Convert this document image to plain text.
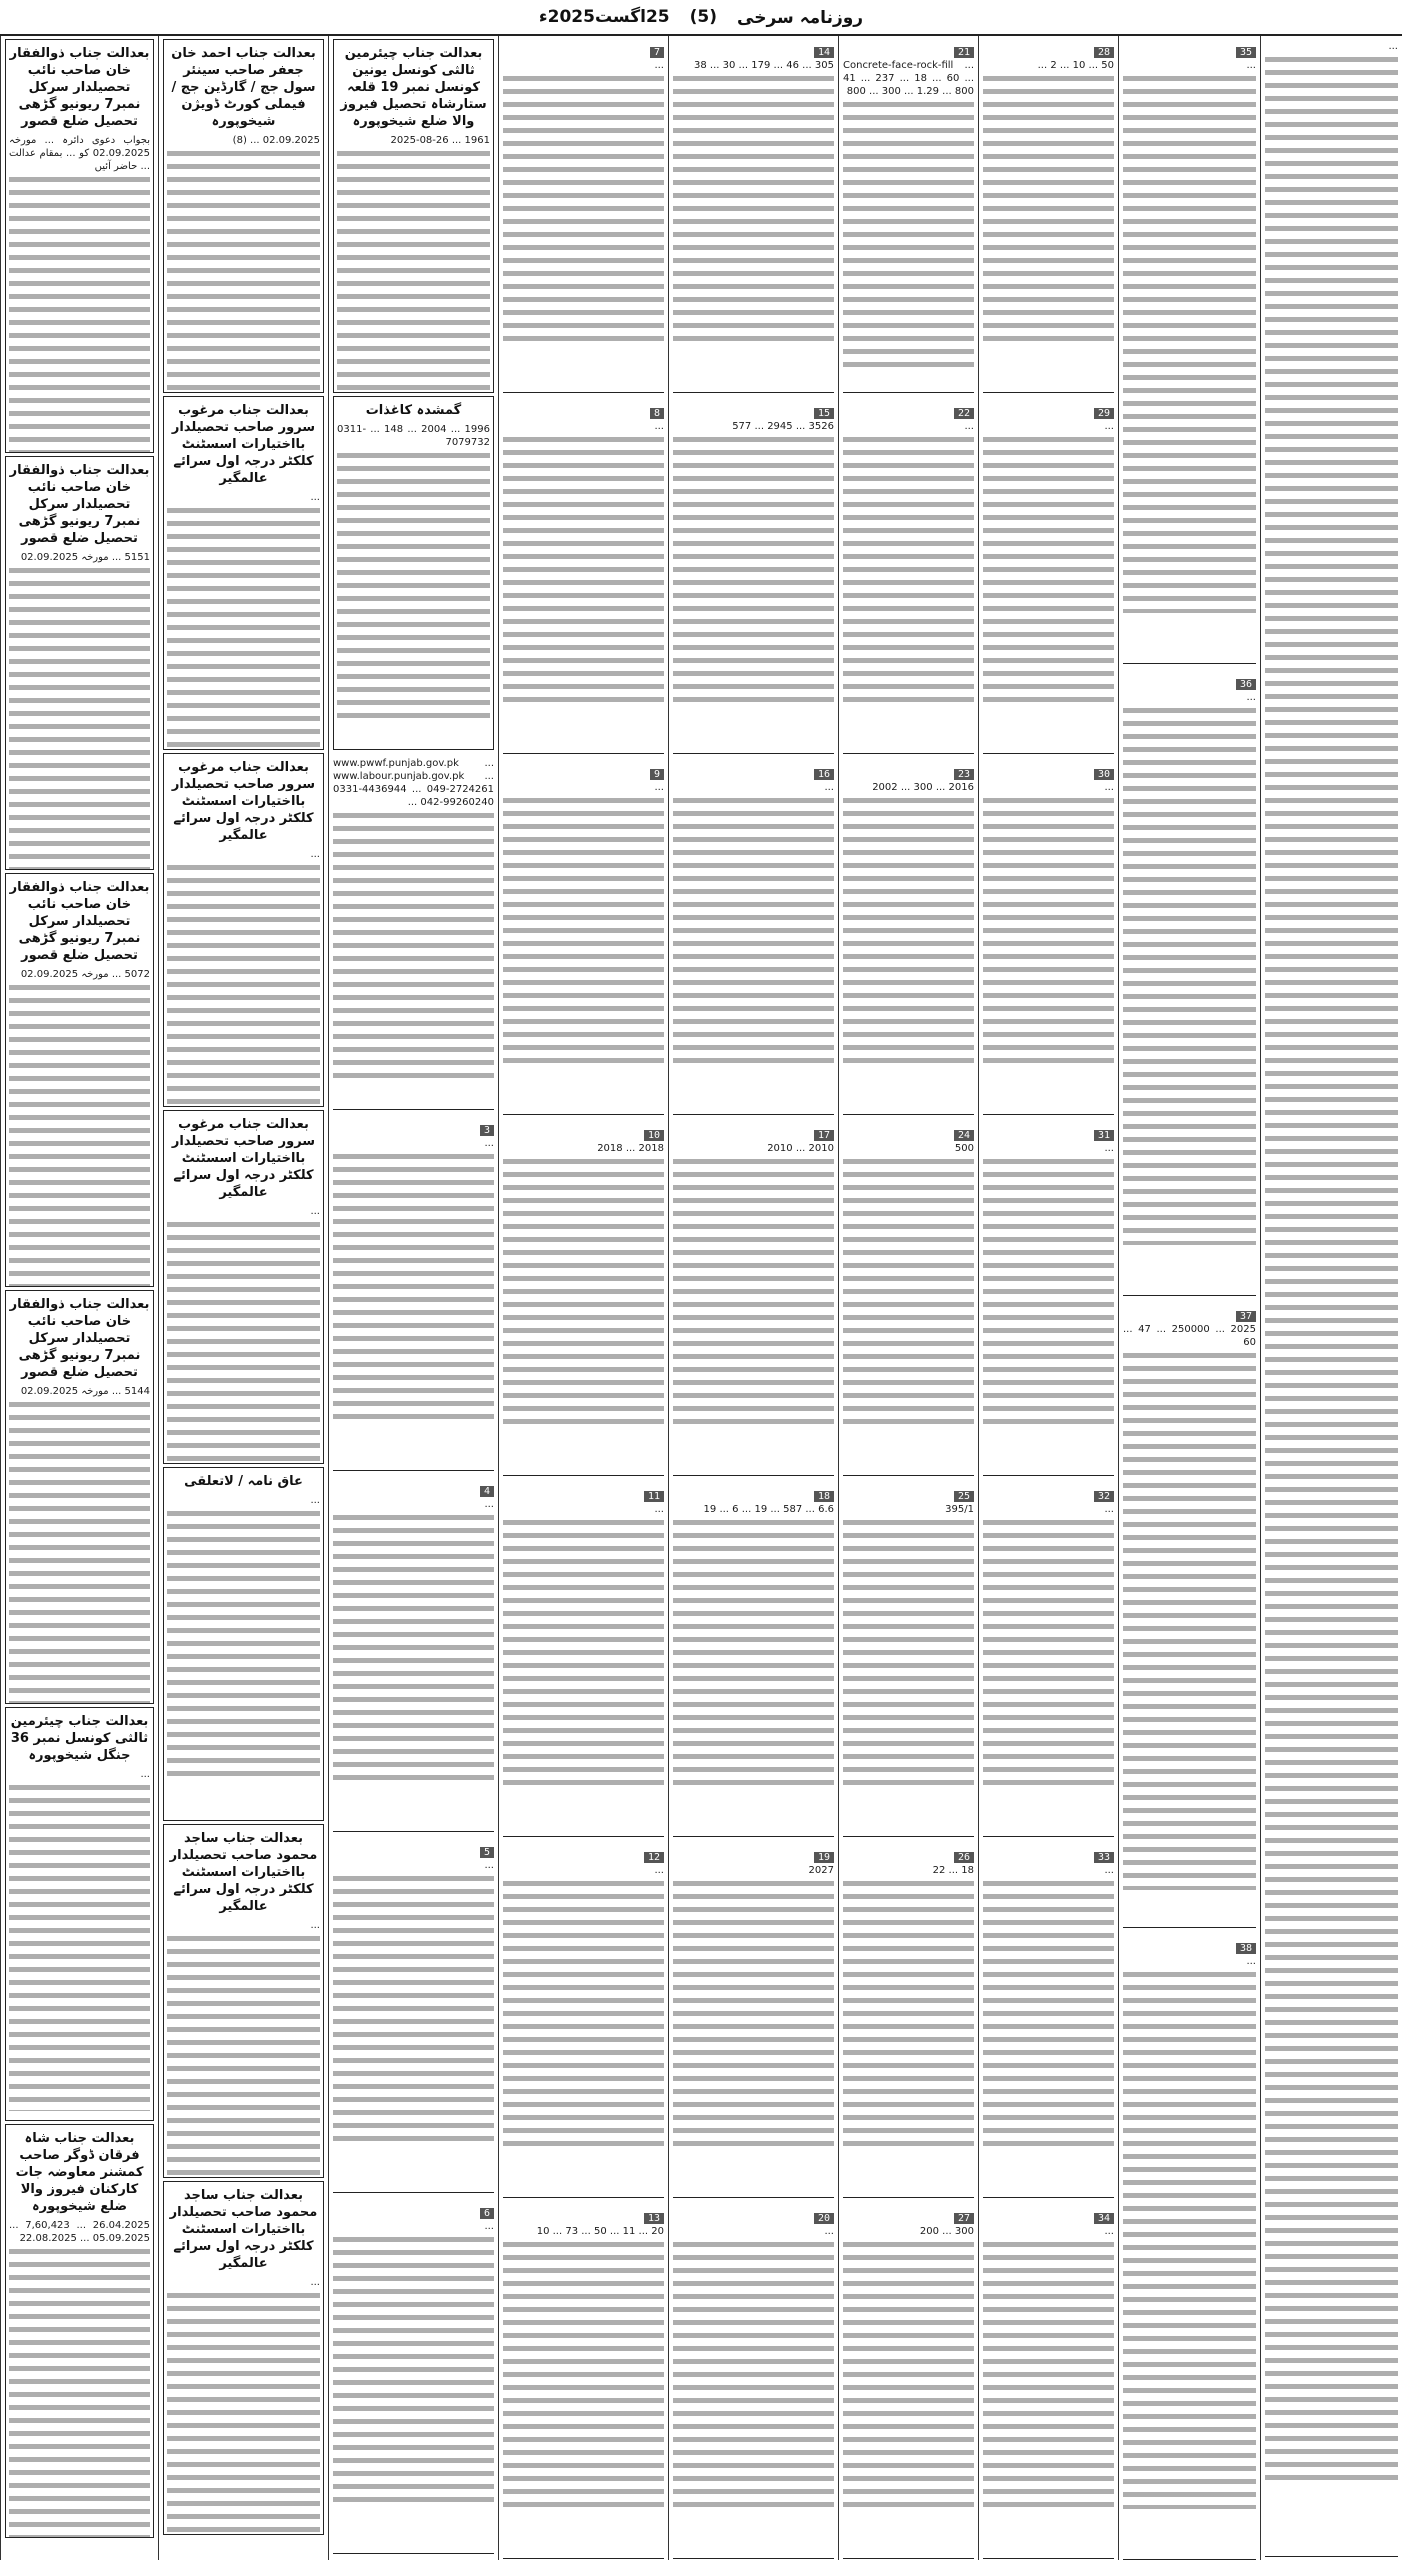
روزنامہ سرخی
(5)
25اگست2025ء
بعدالت جناب ذوالفقار خان صاحب نائب تحصیلدار سرکل نمبر7 ریونیو گڑھی تحصیل ضلع قصور

بجواب دعوی دائرہ ... مورخہ 02.09.2025 کو ... بمقام عدالت ... حاضر آئیں

بعدالت جناب ذوالفقار خان صاحب نائب تحصیلدار سرکل نمبر7 ریونیو گڑھی تحصیل ضلع قصور

5151 ... مورخہ 02.09.2025

بعدالت جناب ذوالفقار خان صاحب نائب تحصیلدار سرکل نمبر7 ریونیو گڑھی تحصیل ضلع قصور

5072 ... مورخہ 02.09.2025

بعدالت جناب ذوالفقار خان صاحب نائب تحصیلدار سرکل نمبر7 ریونیو گڑھی تحصیل ضلع قصور

5144 ... مورخہ 02.09.2025

بعدالت جناب چیئرمین ثالثی کونسل نمبر 36 جنگل شیخوپورہ

...

بعدالت جناب شاہ فرقان ڈوگر صاحب کمشنر معاوضہ جات کارکنان فیروز والا ضلع شیخوپورہ

26.04.2025 ... 7,60,423 ... 05.09.2025 ... 22.08.2025

بعدالت جناب احمد خان جعفر صاحب سینئر سول جج / گارڈین جج / فیملی کورٹ ڈویژن شیخوپورہ

02.09.2025 ... (8)

بعدالت جناب مرغوب سرور صاحب تحصیلدار بااختیارات اسسٹنٹ کلکٹر درجہ اول سرائے عالمگیر

...

بعدالت جناب مرغوب سرور صاحب تحصیلدار بااختیارات اسسٹنٹ کلکٹر درجہ اول سرائے عالمگیر

...

بعدالت جناب مرغوب سرور صاحب تحصیلدار بااختیارات اسسٹنٹ کلکٹر درجہ اول سرائے عالمگیر

...

عاق نامہ / لاتعلقی

...

بعدالت جناب ساجد محمود صاحب تحصیلدار بااختیارات اسسٹنٹ کلکٹر درجہ اول سرائے عالمگیر

...

بعدالت جناب ساجد محمود صاحب تحصیلدار بااختیارات اسسٹنٹ کلکٹر درجہ اول سرائے عالمگیر

...

بعدالت جناب چیئرمین ثالثی کونسل یونین کونسل نمبر 19 قلعہ ستارشاہ تحصیل فیروز والا ضلع شیخوپورہ

1961 ... 2025-08-26

گمشدہ کاغذات

1996 ... 2004 ... 148 ... 0311-7079732

www.pwwf.punjab.gov.pk ... www.labour.punjab.gov.pk ... 0331-4436944 ... 049-2724261 ... 042-99260240

3

...

4

...

5

...

6

...

7

...

8

...

9

...

10

2018 ... 2018

11

...

12

...

13

20 ... 11 ... 50 ... 73 ... 10

14

305 ... 46 ... 179 ... 30 ... 38

15

3526 ... 2945 ... 577

16

...

17

2010 ... 2010

18

6.6 ... 587 ... 19 ... 6 ... 19

19

2027

20

...

21

Concrete-face-rock-fill ... 41 ... 237 ... 18 ... 60 ... 800 ... 300 ... 1.29 ... 800

22

...

23

2016 ... 300 ... 2002

24

500

25

395/1

26

18 ... 22

27

300 ... 200

28

50 ... 10 ... 2 ...

29

...

30

...

31

...

32

...

33

...

34

...

35

...

36

...

37

2025 ... 250000 ... 47 ... 60

38

...

...
